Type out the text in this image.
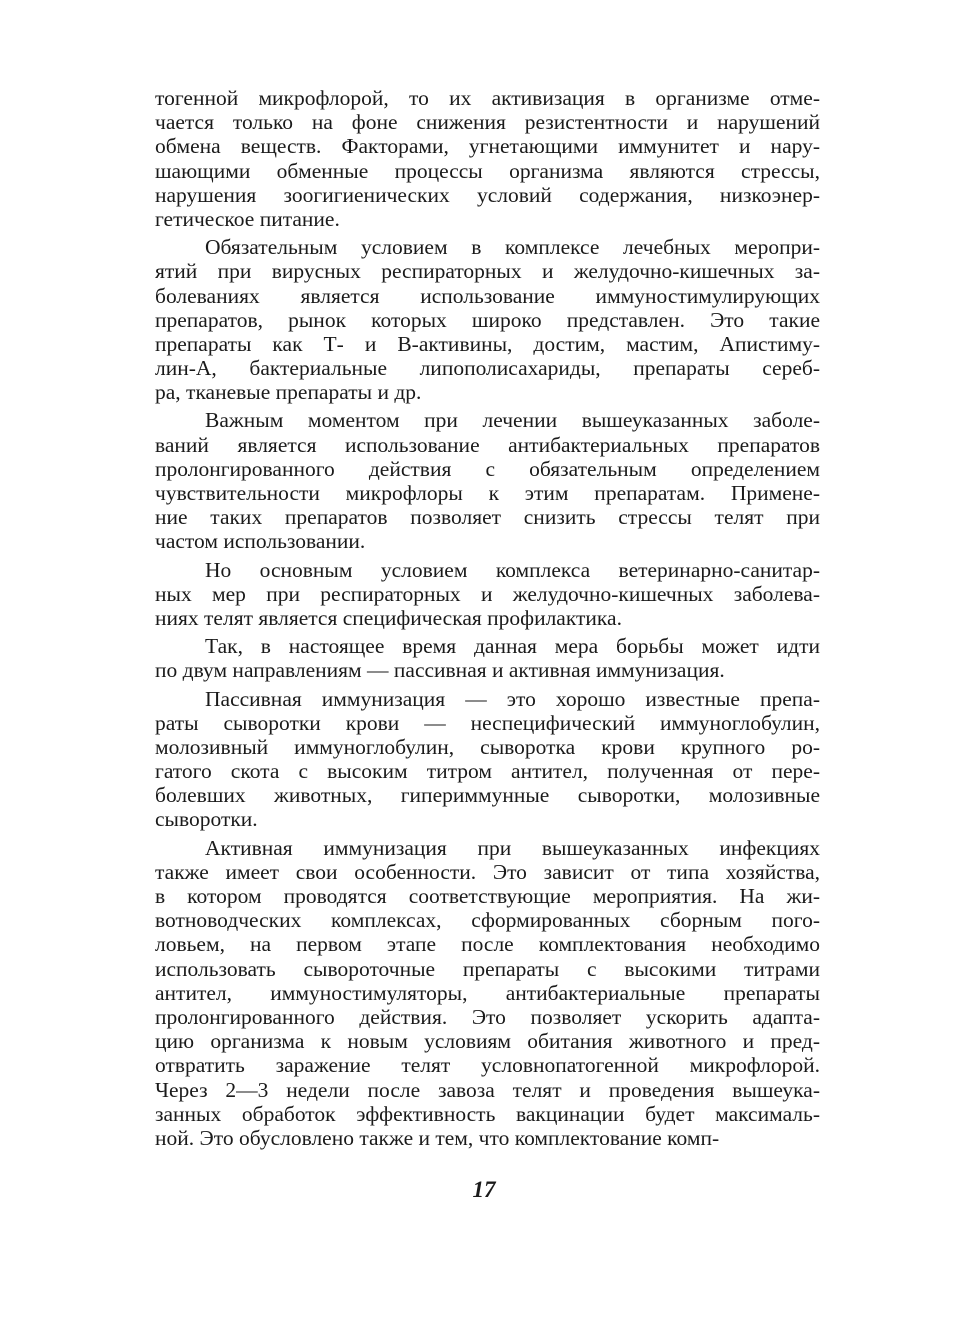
тогенной микрофлорой, то их активизация в организме отме-
чается только на фоне снижения резистентности и нарушений
обмена веществ. Факторами, угнетающими иммунитет и нару-
шающими обменные процессы организма являются стрессы,
нарушения зоогигиенических условий содержания, низкоэнер-
гетическое питание.
Обязательным условием в комплексе лечебных меропри-
ятий при вирусных респираторных и желудочно-кишечных за-
болеваниях является использование иммуностимулирующих
препаратов, рынок которых широко представлен. Это такие
препараты как Т- и В-активины, достим, мастим, Апистиму-
лин-А, бактериальные липополисахариды, препараты сереб-
ра, тканевые препараты и др.
Важным моментом при лечении вышеуказанных заболе-
ваний является использование антибактериальных препаратов
пролонгированного действия с обязательным определением
чувствительности микрофлоры к этим препаратам. Примене-
ние таких препаратов позволяет снизить стрессы телят при
частом использовании.
Но основным условием комплекса ветеринарно-санитар-
ных мер при респираторных и желудочно-кишечных заболева-
ниях телят является специфическая профилактика.
Так, в настоящее время данная мера борьбы может идти
по двум направлениям — пассивная и активная иммунизация.
Пассивная иммунизация — это хорошо известные препа-
раты сыворотки крови — неспецифический иммуноглобулин,
молозивный иммуноглобулин, сыворотка крови крупного ро-
гатого скота с высоким титром антител, полученная от пере-
болевших животных, гипериммунные сыворотки, молозивные
сыворотки.
Активная иммунизация при вышеуказанных инфекциях
также имеет свои особенности. Это зависит от типа хозяйства,
в котором проводятся соответствующие мероприятия. На жи-
вотноводческих комплексах, сформированных сборным пого-
ловьем, на первом этапе после комплектования необходимо
использовать сывороточные препараты с высокими титрами
антител, иммуностимуляторы, антибактериальные препараты
пролонгированного действия. Это позволяет ускорить адапта-
цию организма к новым условиям обитания животного и пред-
отвратить заражение телят условнопатогенной микрофлорой.
Через 2—3 недели после завоза телят и проведения вышеука-
занных обработок эффективность вакцинации будет максималь-
ной. Это обусловлено также и тем, что комплектование комп-
17
